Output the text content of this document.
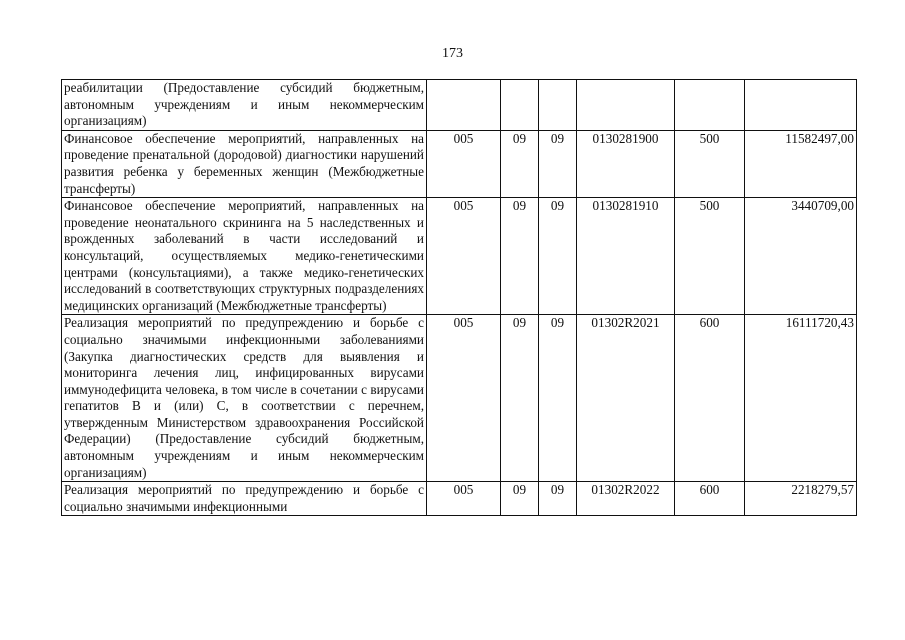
173
реабилитации (Предоставление субсидий бюджетным, автономным учреждениям и иным некоммерческим организациям)						
Финансовое обеспечение мероприятий, направленных на проведение пренатальной (дородовой) диагностики нарушений развития ребенка у беременных женщин (Межбюджетные трансферты)	005	09	09	0130281900	500	11582497,00
Финансовое обеспечение мероприятий, направленных на проведение неонатального скрининга на 5 наследственных и врожденных заболеваний в части исследований и консультаций, осуществляемых медико-генетическими центрами (консультациями), а также медико-генетических исследований в соответствующих структурных подразделениях медицинских организаций (Межбюджетные трансферты)	005	09	09	0130281910	500	3440709,00
Реализация мероприятий по предупреждению и борьбе с социально значимыми инфекционными заболеваниями (Закупка диагностических средств для выявления и мониторинга лечения лиц, инфицированных вирусами иммунодефицита человека, в том числе в сочетании с вирусами гепатитов В и (или) С, в соответствии с перечнем, утвержденным Министерством здравоохранения Российской Федерации) (Предоставление субсидий бюджетным, автономным учреждениям и иным некоммерческим организациям)	005	09	09	01302R2021	600	16111720,43
Реализация мероприятий по предупреждению и борьбе с социально значимыми инфекционными	005	09	09	01302R2022	600	2218279,57
